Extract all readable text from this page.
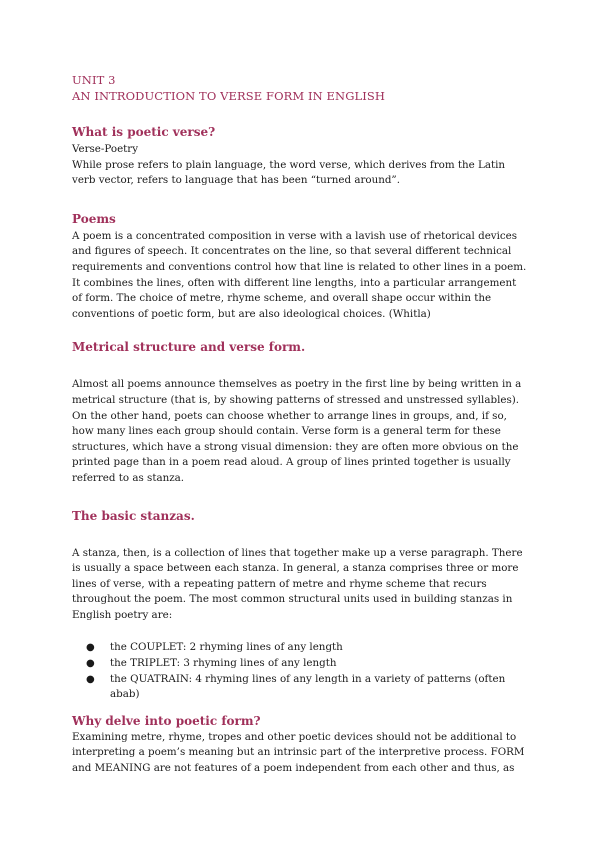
UNIT 3
AN INTRODUCTION TO VERSE FORM IN ENGLISH
What is poetic verse?
Verse-Poetry

While prose refers to plain language, the word verse, which derives from the Latin verb vector, refers to language that has been “turned around”.

Poems

A poem is a concentrated composition in verse with a lavish use of rhetorical devices and figures of speech. It concentrates on the line, so that several different technical requirements and conventions control how that line is related to other lines in a poem. It combines the lines, often with different line lengths, into a particular arrangement of form. The choice of metre, rhyme scheme, and overall shape occur within the conventions of poetic form, but are also ideological choices. (Whitla)

Metrical structure and verse form.

Almost all poems announce themselves as poetry in the first line by being written in a metrical structure (that is, by showing patterns of stressed and unstressed syllables). On the other hand, poets can choose whether to arrange lines in groups, and, if so, how many lines each group should contain. Verse form is a general term for these structures, which have a strong visual dimension: they are often more obvious on the printed page than in a poem read aloud. A group of lines printed together is usually referred to as stanza.

The basic stanzas.

A stanza, then, is a collection of lines that together make up a verse paragraph. There is usually a space between each stanza. In general, a stanza comprises three or more lines of verse, with a repeating pattern of metre and rhyme scheme that recurs throughout the poem. The most common structural units used in building stanzas in English poetry are:

● the COUPLET: 2 rhyming lines of any length
● the TRIPLET: 3 rhyming lines of any length
● the QUATRAIN: 4 rhyming lines of any length in a variety of patterns (often abab)
Why delve into poetic form?

Examining metre, rhyme, tropes and other poetic devices should not be additional to interpreting a poem’s meaning but an intrinsic part of the interpretive process. FORM and MEANING are not features of a poem independent from each other and thus, as
